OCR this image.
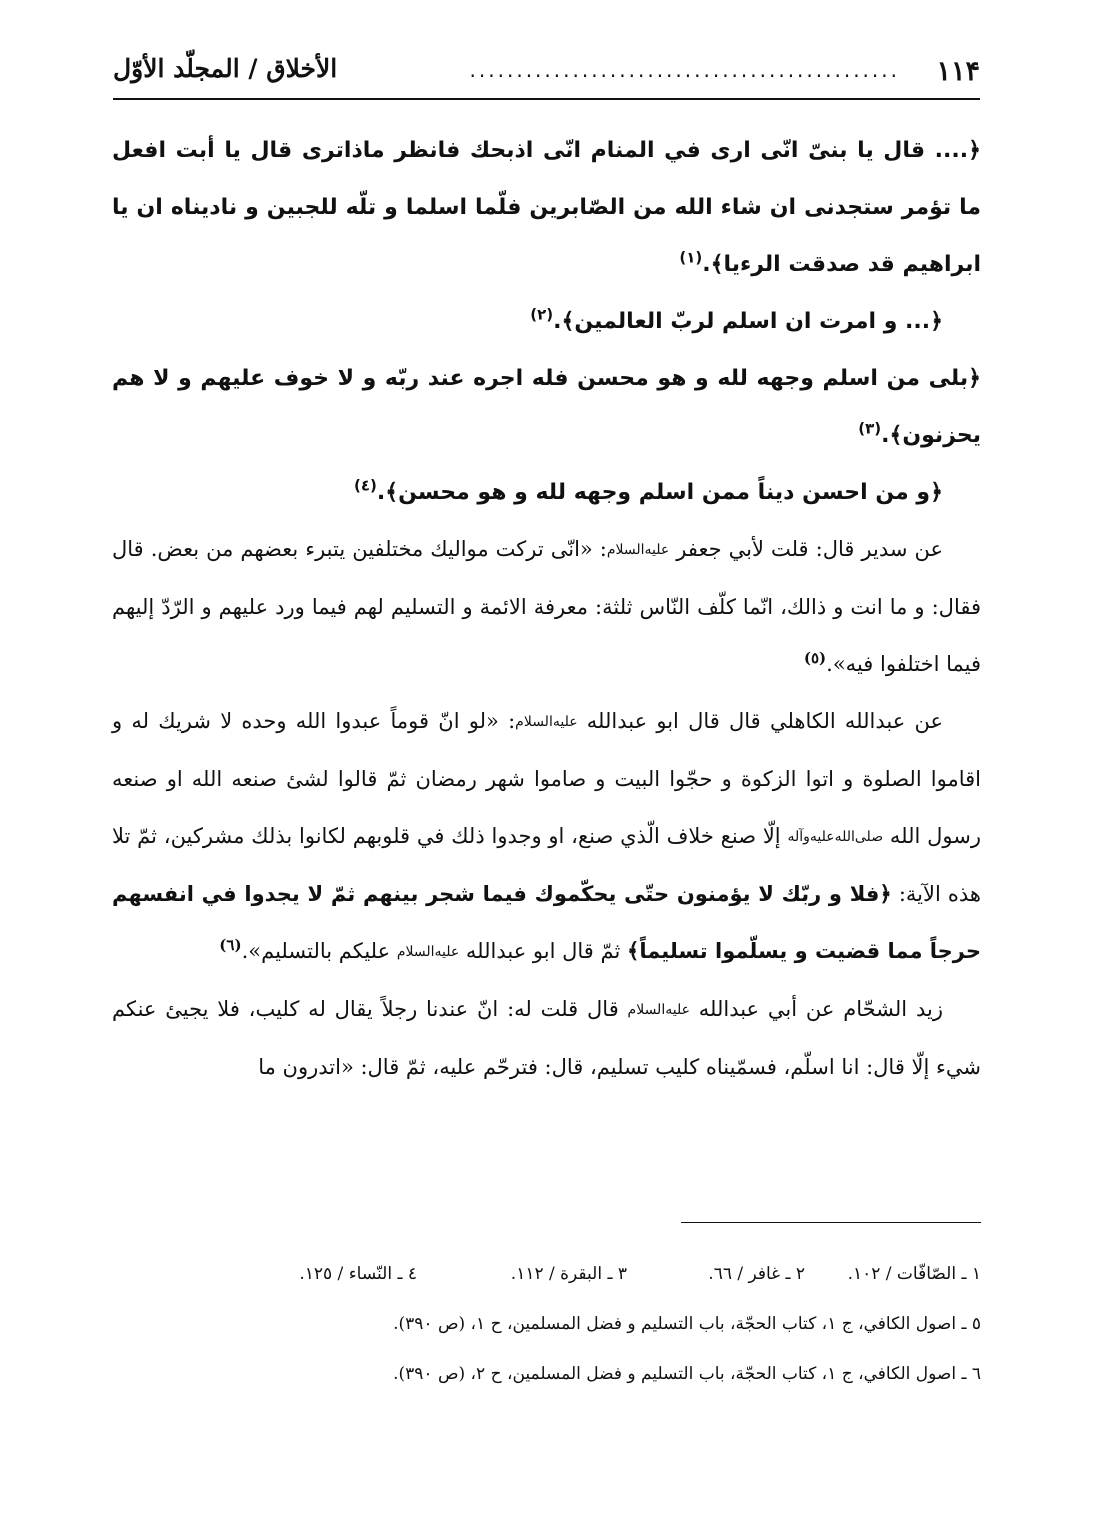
١١۴
..............................................
الأخلاق / المجلّد الأوّل

﴿.... قال يا بنىّ انّى ارى في المنام انّى اذبحك فانظر ماذاترى قال يا أبت افعل ما تؤمر ستجدنى ان شاء الله من الصّابرين فلّما اسلما و تلّه للجبين و ناديناه ان يا ابراهيم قد صدقت الرءيا﴾.$^{(١)}$

﴿... و امرت ان اسلم لربّ العالمين﴾.$^{(٢)}$

﴿بلى من اسلم وجهه لله و هو محسن فله اجره عند ربّه و لا خوف عليهم و لا هم يحزنون﴾.$^{(٣)}$

﴿و من احسن ديناً ممن اسلم وجهه لله و هو محسن﴾.$^{(٤)}$

عن سدير قال: قلت لأبي جعفر عليه‌السلام: «انّى تركت مواليك مختلفين يتبرء بعضهم من بعض. قال فقال: و ما انت و ذالك، انّما كلّف النّاس ثلثة: معرفة الائمة و التسليم لهم فيما ورد عليهم و الرّدّ إليهم فيما اختلفوا فيه».$^{(٥)}$

عن عبدالله الكاهلي قال قال ابو عبدالله عليه‌السلام: «لو انّ قوماً عبدوا الله وحده لا شريك له و اقاموا الصلوة و اتوا الزكوة و حجّوا البيت و صاموا شهر رمضان ثمّ قالوا لشئ صنعه الله او صنعه رسول الله صلی‌الله‌علیه‌وآله إلّا صنع خلاف الّذي صنع، او وجدوا ذلك في قلوبهم لكانوا بذلك مشركين، ثمّ تلا هذه الآية: ﴿فلا و ربّك لا يؤمنون حتّى يحكّموك فيما شجر بينهم ثمّ لا يجدوا في انفسهم حرجاً مما قضيت و يسلّموا تسليماً﴾ ثمّ قال ابو عبدالله عليه‌السلام عليكم بالتسليم».$^{(٦)}$

زيد الشحّام عن أبي عبدالله عليه‌السلام قال قلت له: انّ عندنا رجلاً يقال له كليب، فلا يجيئ عنكم شيء إلّا قال: انا اسلّم، فسمّيناه كليب تسليم، قال: فترحّم عليه، ثمّ قال: «اتدرون ما

١ ـ الصّافّات / ١٠٢.٢ ـ غافر / ٦٦.٣ ـ البقرة / ١١٢.٤ ـ النّساء / ١٢٥.
٥ ـ اصول الكافي، ج ١، كتاب الحجّة، باب التسليم و فضل المسلمين، ح ١، (ص ٣٩٠).
٦ ـ اصول الكافي، ج ١، كتاب الحجّة، باب التسليم و فضل المسلمين، ح ٢، (ص ٣٩٠).
